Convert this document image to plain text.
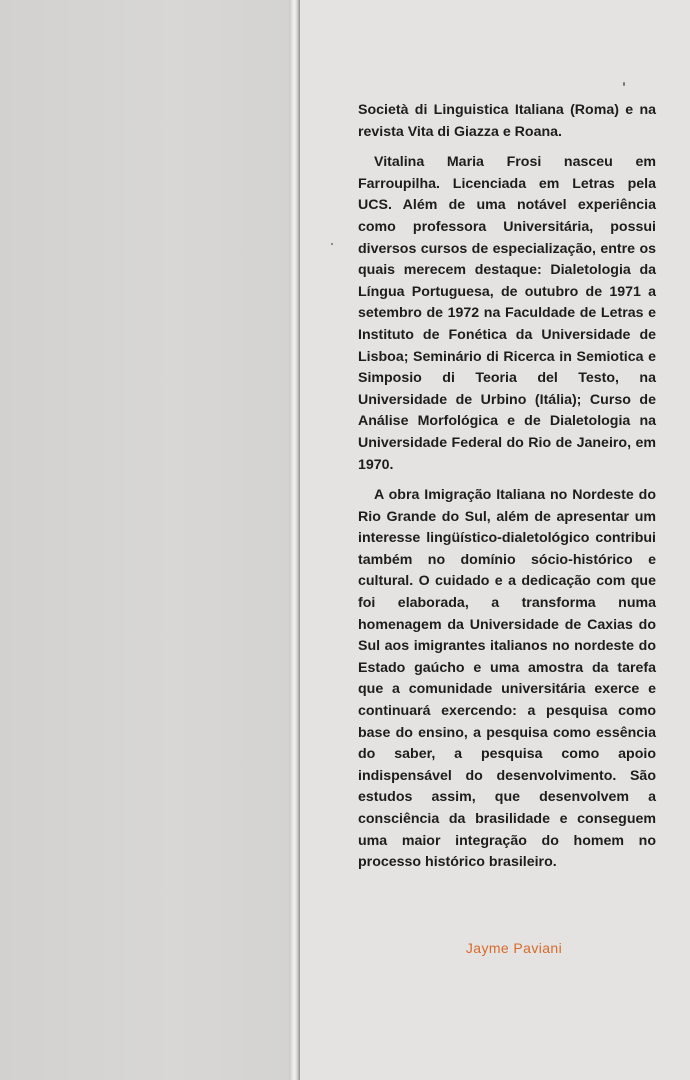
Società di Linguistica Italiana (Roma) e na revista Vita di Giazza e Roana.

Vitalina Maria Frosi nasceu em Farroupilha. Licenciada em Letras pela UCS. Além de uma notável experiência como professora Universitária, possui diversos cursos de especialização, entre os quais merecem destaque: Dialetologia da Língua Portuguesa, de outubro de 1971 a setembro de 1972 na Faculdade de Letras e Instituto de Fonética da Universidade de Lisboa; Seminário di Ricerca in Semiotica e Simposio di Teoria del Testo, na Universidade de Urbino (Itália); Curso de Análise Morfológica e de Dialetologia na Universidade Federal do Rio de Janeiro, em 1970.

A obra Imigração Italiana no Nordeste do Rio Grande do Sul, além de apresentar um interesse lingüístico-dialetológico contribui também no domínio sócio-histórico e cultural. O cuidado e a dedicação com que foi elaborada, a transforma numa homenagem da Universidade de Caxias do Sul aos imigrantes italianos no nordeste do Estado gaúcho e uma amostra da tarefa que a comunidade universitária exerce e continuará exercendo: a pesquisa como base do ensino, a pesquisa como essência do saber, a pesquisa como apoio indispensável do desenvolvimento. São estudos assim, que desenvolvem a consciência da brasilidade e conseguem uma maior integração do homem no processo histórico brasileiro.

Jayme Paviani
